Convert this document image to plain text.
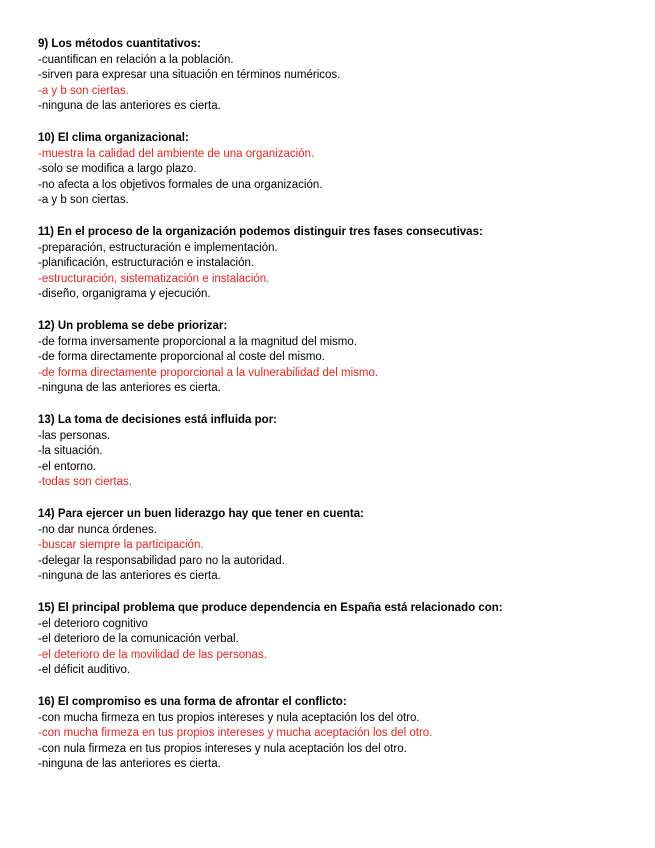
9) Los métodos cuantitativos:
-cuantifican en relación a la población.
-sirven para expresar una situación en términos numéricos.
-a y b son ciertas.
-ninguna de las anteriores es cierta.
10) El clima organizacional:
-muestra la calidad del ambiente de una organización.
-solo se modifica a largo plazo.
-no afecta a los objetivos formales de una organización.
-a y b son ciertas.
11) En el proceso de la organización podemos distinguir tres fases consecutivas:
-preparación, estructuración e implementación.
-planificación, estructuración e instalación.
-estructuración, sistematización e instalación.
-diseño, organigrama y ejecución.
12) Un problema se debe priorizar:
-de forma inversamente proporcional a la magnitud del mismo.
-de forma directamente proporcional al coste del mismo.
-de forma directamente proporcional a la vulnerabilidad del mismo.
-ninguna de las anteriores es cierta.
13) La toma de decisiones está influida por:
-las personas.
-la situación.
-el entorno.
-todas son ciertas.
14) Para ejercer un buen liderazgo hay que tener en cuenta:
-no dar nunca órdenes.
-buscar siempre la participación.
-delegar la responsabilidad paro no la autoridad.
-ninguna de las anteriores es cierta.
15) El principal problema que produce dependencia en España está relacionado con:
-el deterioro cognitivo
-el deterioro de la comunicación verbal.
-el deterioro de la movilidad de las personas.
-el déficit auditivo.
16) El compromiso es una forma de afrontar el conflicto:
-con mucha firmeza en tus propios intereses y nula aceptación los del otro.
-con mucha firmeza en tus propios intereses y mucha aceptación los del otro.
-con nula firmeza en tus propios intereses y nula aceptación los del otro.
-ninguna de las anteriores es cierta.
